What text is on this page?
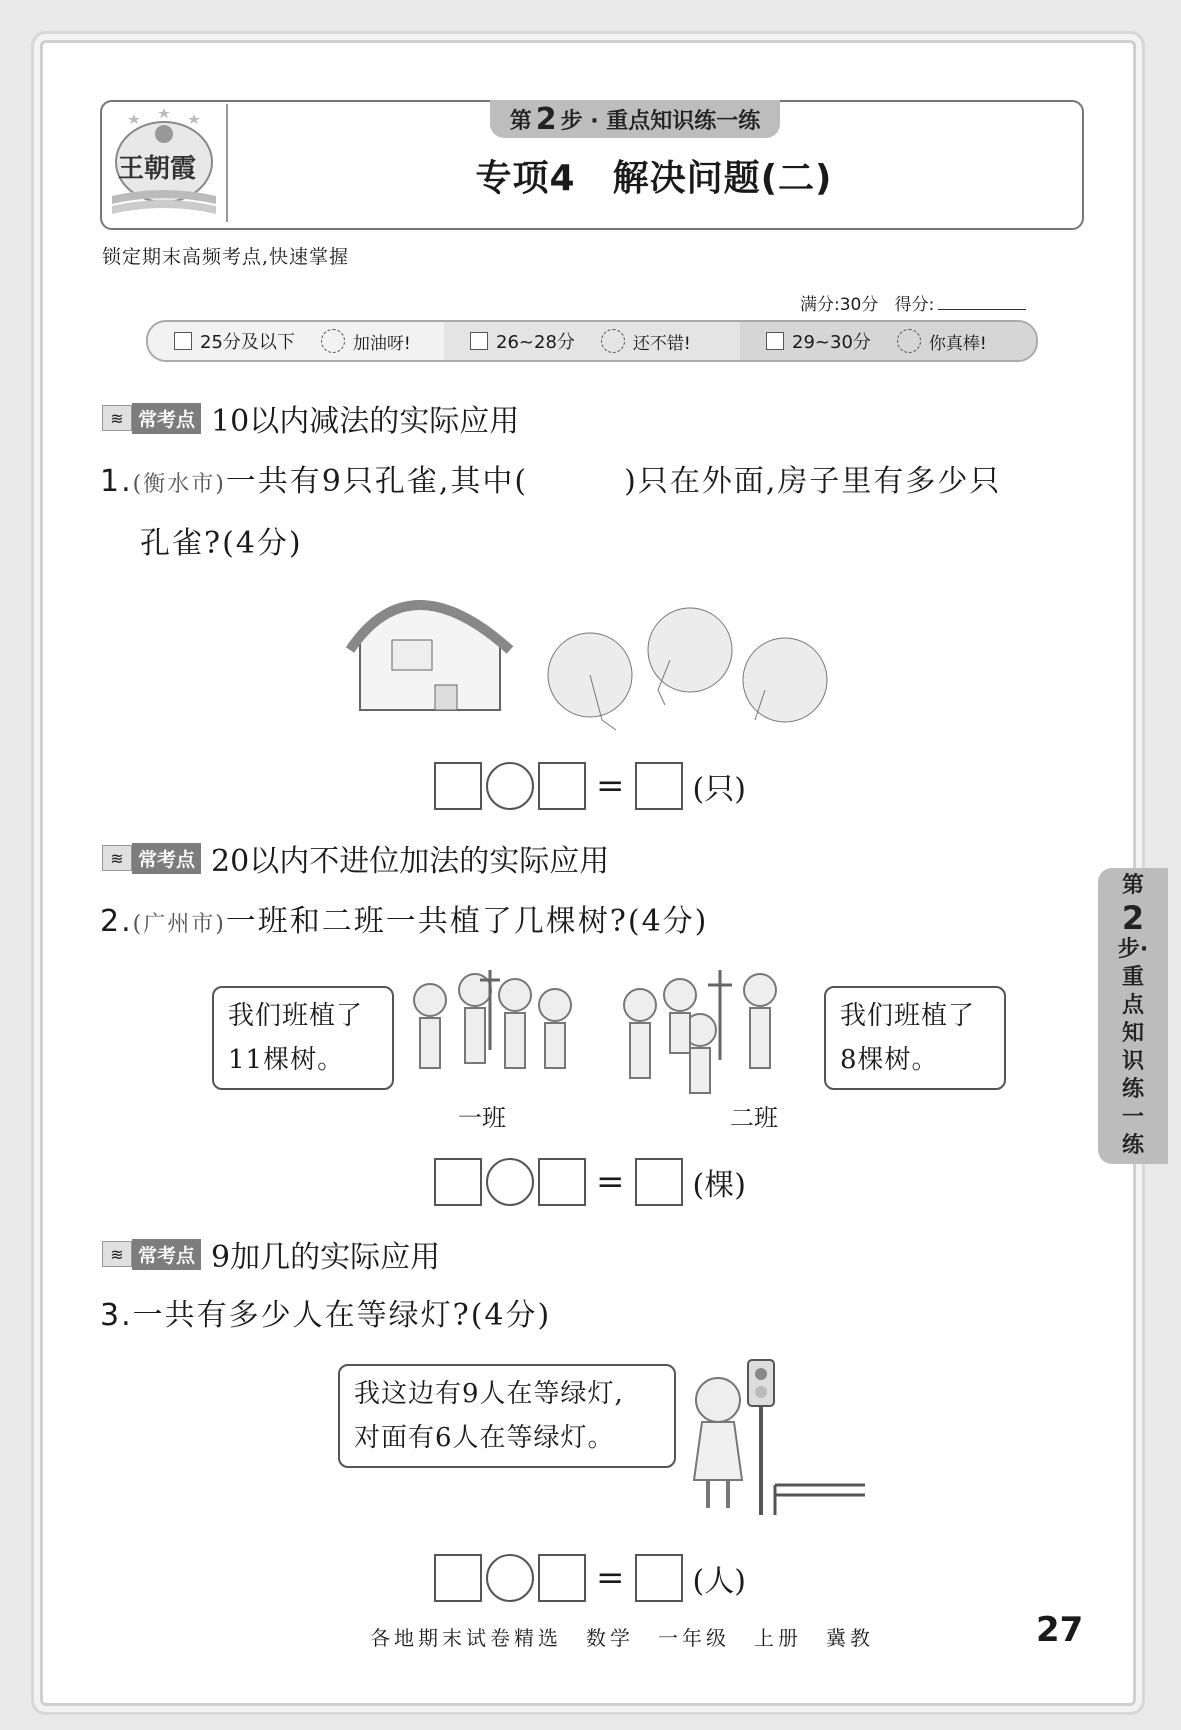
王朝霞
第 2 步 · 重点知识练一练
专项4　解决问题(二)
锁定期末高频考点,快速掌握
满分:30分 得分:
25分及以下	加油呀!	26~28分	还不错!	29~30分	你真棒!
≋ 常考点 10以内减法的实际应用
1.(衡水市)一共有9只孔雀,其中(　　　)只在外面,房子里有多少只
孔雀?(4分)
= (只)
≋ 常考点 20以内不进位加法的实际应用
2.(广州市)一班和二班一共植了几棵树?(4分)
我们班植了
11棵树。
我们班植了
8棵树。
一班	二班
= (棵)
≋ 常考点 9加几的实际应用
3.一共有多少人在等绿灯?(4分)
我这边有9人在等绿灯,
对面有6人在等绿灯。
= (人)
第
2
步·
重
点
知
识
练
一
练
各地期末试卷精选　数学　一年级　上册　冀教	27
